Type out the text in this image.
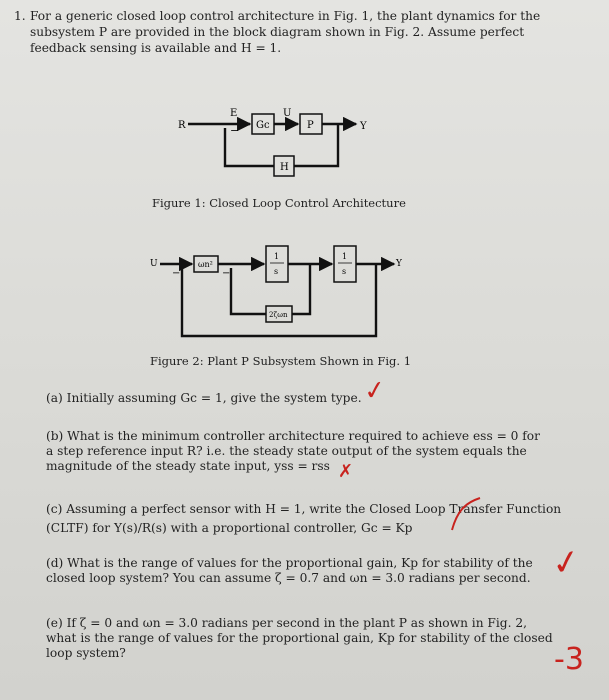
1. For a generic closed loop control architecture in Fig. 1, the plant dynamics for the
subsystem P are provided in the block diagram shown in Fig. 2. Assume perfect
feedback sensing is available and H = 1.
R
E
− Gc
U
P	Y
H
Figure 1: Closed Loop Control Architecture
U
−
ωn²
−
1
s
1
s
Y
2ζωn
Figure 2: Plant P Subsystem Shown in Fig. 1
(a) Initially assuming Gc = 1, give the system type.
(b) What is the minimum controller architecture required to achieve ess = 0 for
a step reference input R? i.e. the steady state output of the system equals the
magnitude of the steady state input, yss = rss
(c) Assuming a perfect sensor with H = 1, write the Closed Loop Transfer Function
(CLTF) for Y(s)/R(s) with a proportional controller, Gc = Kp
(d) What is the range of values for the proportional gain, Kp for stability of the
closed loop system? You can assume ζ = 0.7 and ωn = 3.0 radians per second.
(e) If ζ = 0 and ωn = 3.0 radians per second in the plant P as shown in Fig. 2,
what is the range of values for the proportional gain, Kp for stability of the closed
loop system?
✓
✗
✓
-3
